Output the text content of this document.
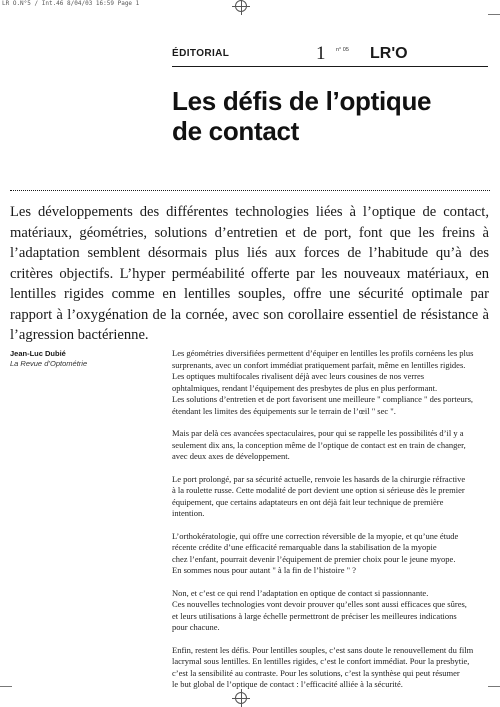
LR O.N°5 / Int.46 8/04/03 16:59 Page 1
ÉDITORIAL	1 n° 05 LR'O
Les défis de l’optique
de contact

Les développements des différentes technologies liées à l’optique de contact, matériaux, géométries, solutions d’entretien et de port, font que les freins à l’adaptation semblent désormais plus liés aux forces de l’habitude qu’à des critères objectifs. L’hyper perméabilité offerte par les nouveaux matériaux, en lentilles rigides comme en lentilles souples, offre une sécurité optimale par rapport à l’oxygénation de la cornée, avec son corollaire essentiel de résistance à l’agression bactérienne.

Jean-Luc Dubié
La Revue d’Optométrie

Les géométries diversifiées permettent d’équiper en lentilles les profils cornéens les plus
surprenants, avec un confort immédiat pratiquement parfait, même en lentilles rigides.
Les optiques multifocales rivalisent déjà avec leurs cousines de nos verres
ophtalmiques, rendant l’équipement des presbytes de plus en plus performant.
Les solutions d’entretien et de port favorisent une meilleure " compliance " des porteurs,
étendant les limites des équipements sur le terrain de l’œil " sec ".

Mais par delà ces avancées spectaculaires, pour qui se rappelle les possibilités d’il y a
seulement dix ans, la conception même de l’optique de contact est en train de changer,
avec deux axes de développement.

Le port prolongé, par sa sécurité actuelle, renvoie les hasards de la chirurgie réfractive
à la roulette russe. Cette modalité de port devient une option si sérieuse dès le premier
équipement, que certains adaptateurs en ont déjà fait leur technique de première
intention.

L’orthokératologie, qui offre une correction réversible de la myopie, et qu’une étude
récente crédite d’une efficacité remarquable dans la stabilisation de la myopie
chez l’enfant, pourrait devenir l’équipement de premier choix pour le jeune myope.
En sommes nous pour autant " à la fin de l’histoire " ?

Non, et c’est ce qui rend l’adaptation en optique de contact si passionnante.
Ces nouvelles technologies vont devoir prouver qu’elles sont aussi efficaces que sûres,
et leurs utilisations à large échelle permettront de préciser les meilleures indications
pour chacune.

Enfin, restent les défis. Pour lentilles souples, c’est sans doute le renouvellement du film
lacrymal sous lentilles. En lentilles rigides, c’est le confort immédiat. Pour la presbytie,
c’est la sensibilité au contraste. Pour les solutions, c’est la synthèse qui peut résumer
le but global de l’optique de contact : l’efficacité alliée à la sécurité.
